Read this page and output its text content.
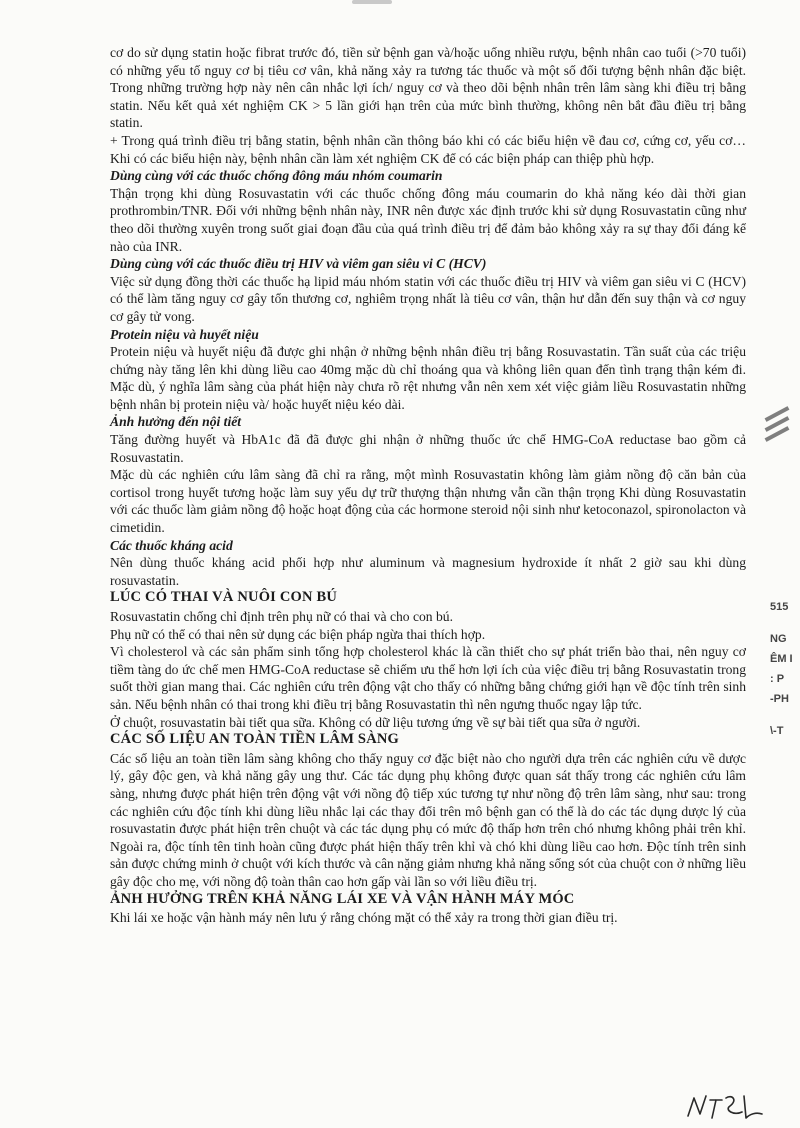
cơ do sử dụng statin hoặc fibrat trước đó, tiền sử bệnh gan và/hoặc uống nhiều rượu, bệnh nhân cao tuổi (>70 tuổi) có những yếu tố nguy cơ bị tiêu cơ vân, khả năng xảy ra tương tác thuốc và một số đối tượng bệnh nhân đặc biệt. Trong những trường hợp này nên cân nhắc lợi ích/ nguy cơ và theo dõi bệnh nhân trên lâm sàng khi điều trị bằng statin. Nếu kết quả xét nghiệm CK > 5 lần giới hạn trên của mức bình thường, không nên bắt đầu điều trị bằng statin.

+ Trong quá trình điều trị bằng statin, bệnh nhân cần thông báo khi có các biểu hiện về đau cơ, cứng cơ, yếu cơ… Khi có các biểu hiện này, bệnh nhân cần làm xét nghiệm CK để có các biện pháp can thiệp phù hợp.

Dùng cùng với các thuốc chống đông máu nhóm coumarin

Thận trọng khi dùng Rosuvastatin với các thuốc chống đông máu coumarin do khả năng kéo dài thời gian prothrombin/TNR. Đối với những bệnh nhân này, INR nên được xác định trước khi sử dụng Rosuvastatin cũng như theo dõi thường xuyên trong suốt giai đoạn đầu của quá trình điều trị để đảm bảo không xảy ra sự thay đổi đáng kể nào của INR.

Dùng cùng với các thuốc điều trị HIV và viêm gan siêu vi C (HCV)

Việc sử dụng đồng thời các thuốc hạ lipid máu nhóm statin với các thuốc điều trị HIV và viêm gan siêu vi C (HCV) có thể làm tăng nguy cơ gây tổn thương cơ, nghiêm trọng nhất là tiêu cơ vân, thận hư dẫn đến suy thận và cơ nguy cơ gây tử vong.

Protein niệu và huyết niệu

Protein niệu và huyết niệu đã được ghi nhận ở những bệnh nhân điều trị bằng Rosuvastatin. Tần suất của các triệu chứng này tăng lên khi dùng liều cao 40mg mặc dù chỉ thoáng qua và không liên quan đến tình trạng thận kém đi. Mặc dù, ý nghĩa lâm sàng của phát hiện này chưa rõ rệt nhưng vẫn nên xem xét việc giảm liều Rosuvastatin những bệnh nhân bị protein niệu và/ hoặc huyết niệu kéo dài.

Ảnh hưởng đến nội tiết

Tăng đường huyết và HbA1c đã đã được ghi nhận ở những thuốc ức chế HMG-CoA reductase bao gồm cả Rosuvastatin.

Mặc dù các nghiên cứu lâm sàng đã chỉ ra rằng, một mình Rosuvastatin không làm giảm nồng độ căn bản của cortisol trong huyết tương hoặc làm suy yếu dự trữ thượng thận nhưng vẫn cần thận trọng Khi dùng Rosuvastatin với các thuốc làm giảm nồng độ hoặc hoạt động của các hormone steroid nội sinh như ketoconazol, spironolacton và cimetidin.

Các thuốc kháng acid

Nên dùng thuốc kháng acid phối hợp như aluminum và magnesium hydroxide ít nhất 2 giờ sau khi dùng rosuvastatin.

LÚC CÓ THAI VÀ NUÔI CON BÚ

Rosuvastatin chống chỉ định trên phụ nữ có thai và cho con bú.

Phụ nữ có thể có thai nên sử dụng các biện pháp ngừa thai thích hợp.

Vì cholesterol và các sản phẩm sinh tổng hợp cholesterol khác là cần thiết cho sự phát triển bào thai, nên nguy cơ tiềm tàng do ức chế men HMG-CoA reductase sẽ chiếm ưu thế hơn lợi ích của việc điều trị bằng Rosuvastatin trong suốt thời gian mang thai. Các nghiên cứu trên động vật cho thấy có những bằng chứng giới hạn về độc tính trên sinh sản. Nếu bệnh nhân có thai trong khi điều trị bằng Rosuvastatin thì nên ngưng thuốc ngay lập tức.

Ở chuột, rosuvastatin bài tiết qua sữa. Không có dữ liệu tương ứng về sự bài tiết qua sữa ở người.

CÁC SỐ LIỆU AN TOÀN TIỀN LÂM SÀNG

Các số liệu an toàn tiền lâm sàng không cho thấy nguy cơ đặc biệt nào cho người dựa trên các nghiên cứu về dược lý, gây độc gen, và khả năng gây ung thư. Các tác dụng phụ không được quan sát thấy trong các nghiên cứu lâm sàng, nhưng được phát hiện trên động vật với nồng độ tiếp xúc tương tự như nồng độ trên lâm sàng, như sau: trong các nghiên cứu độc tính khi dùng liều nhắc lại các thay đổi trên mô bệnh gan có thể là do các tác dụng dược lý của rosuvastatin được phát hiện trên chuột và các tác dụng phụ có mức độ thấp hơn trên chó nhưng không phải trên khỉ. Ngoài ra, độc tính tên tinh hoàn cũng được phát hiện thấy trên khỉ và chó khi dùng liều cao hơn. Độc tính trên sinh sản được chứng minh ở chuột với kích thước và cân nặng giảm nhưng khả năng sống sót của chuột con ở những liều gây độc cho mẹ, với nồng độ toàn thân cao hơn gấp vài lần so với liều điều trị.

ẢNH HƯỞNG TRÊN KHẢ NĂNG LÁI XE VÀ VẬN HÀNH MÁY MÓC

Khi lái xe hoặc vận hành máy nên lưu ý rằng chóng mặt có thể xảy ra trong thời gian điều trị.

515
NG
ÊM I
: P
-PH
\-T
